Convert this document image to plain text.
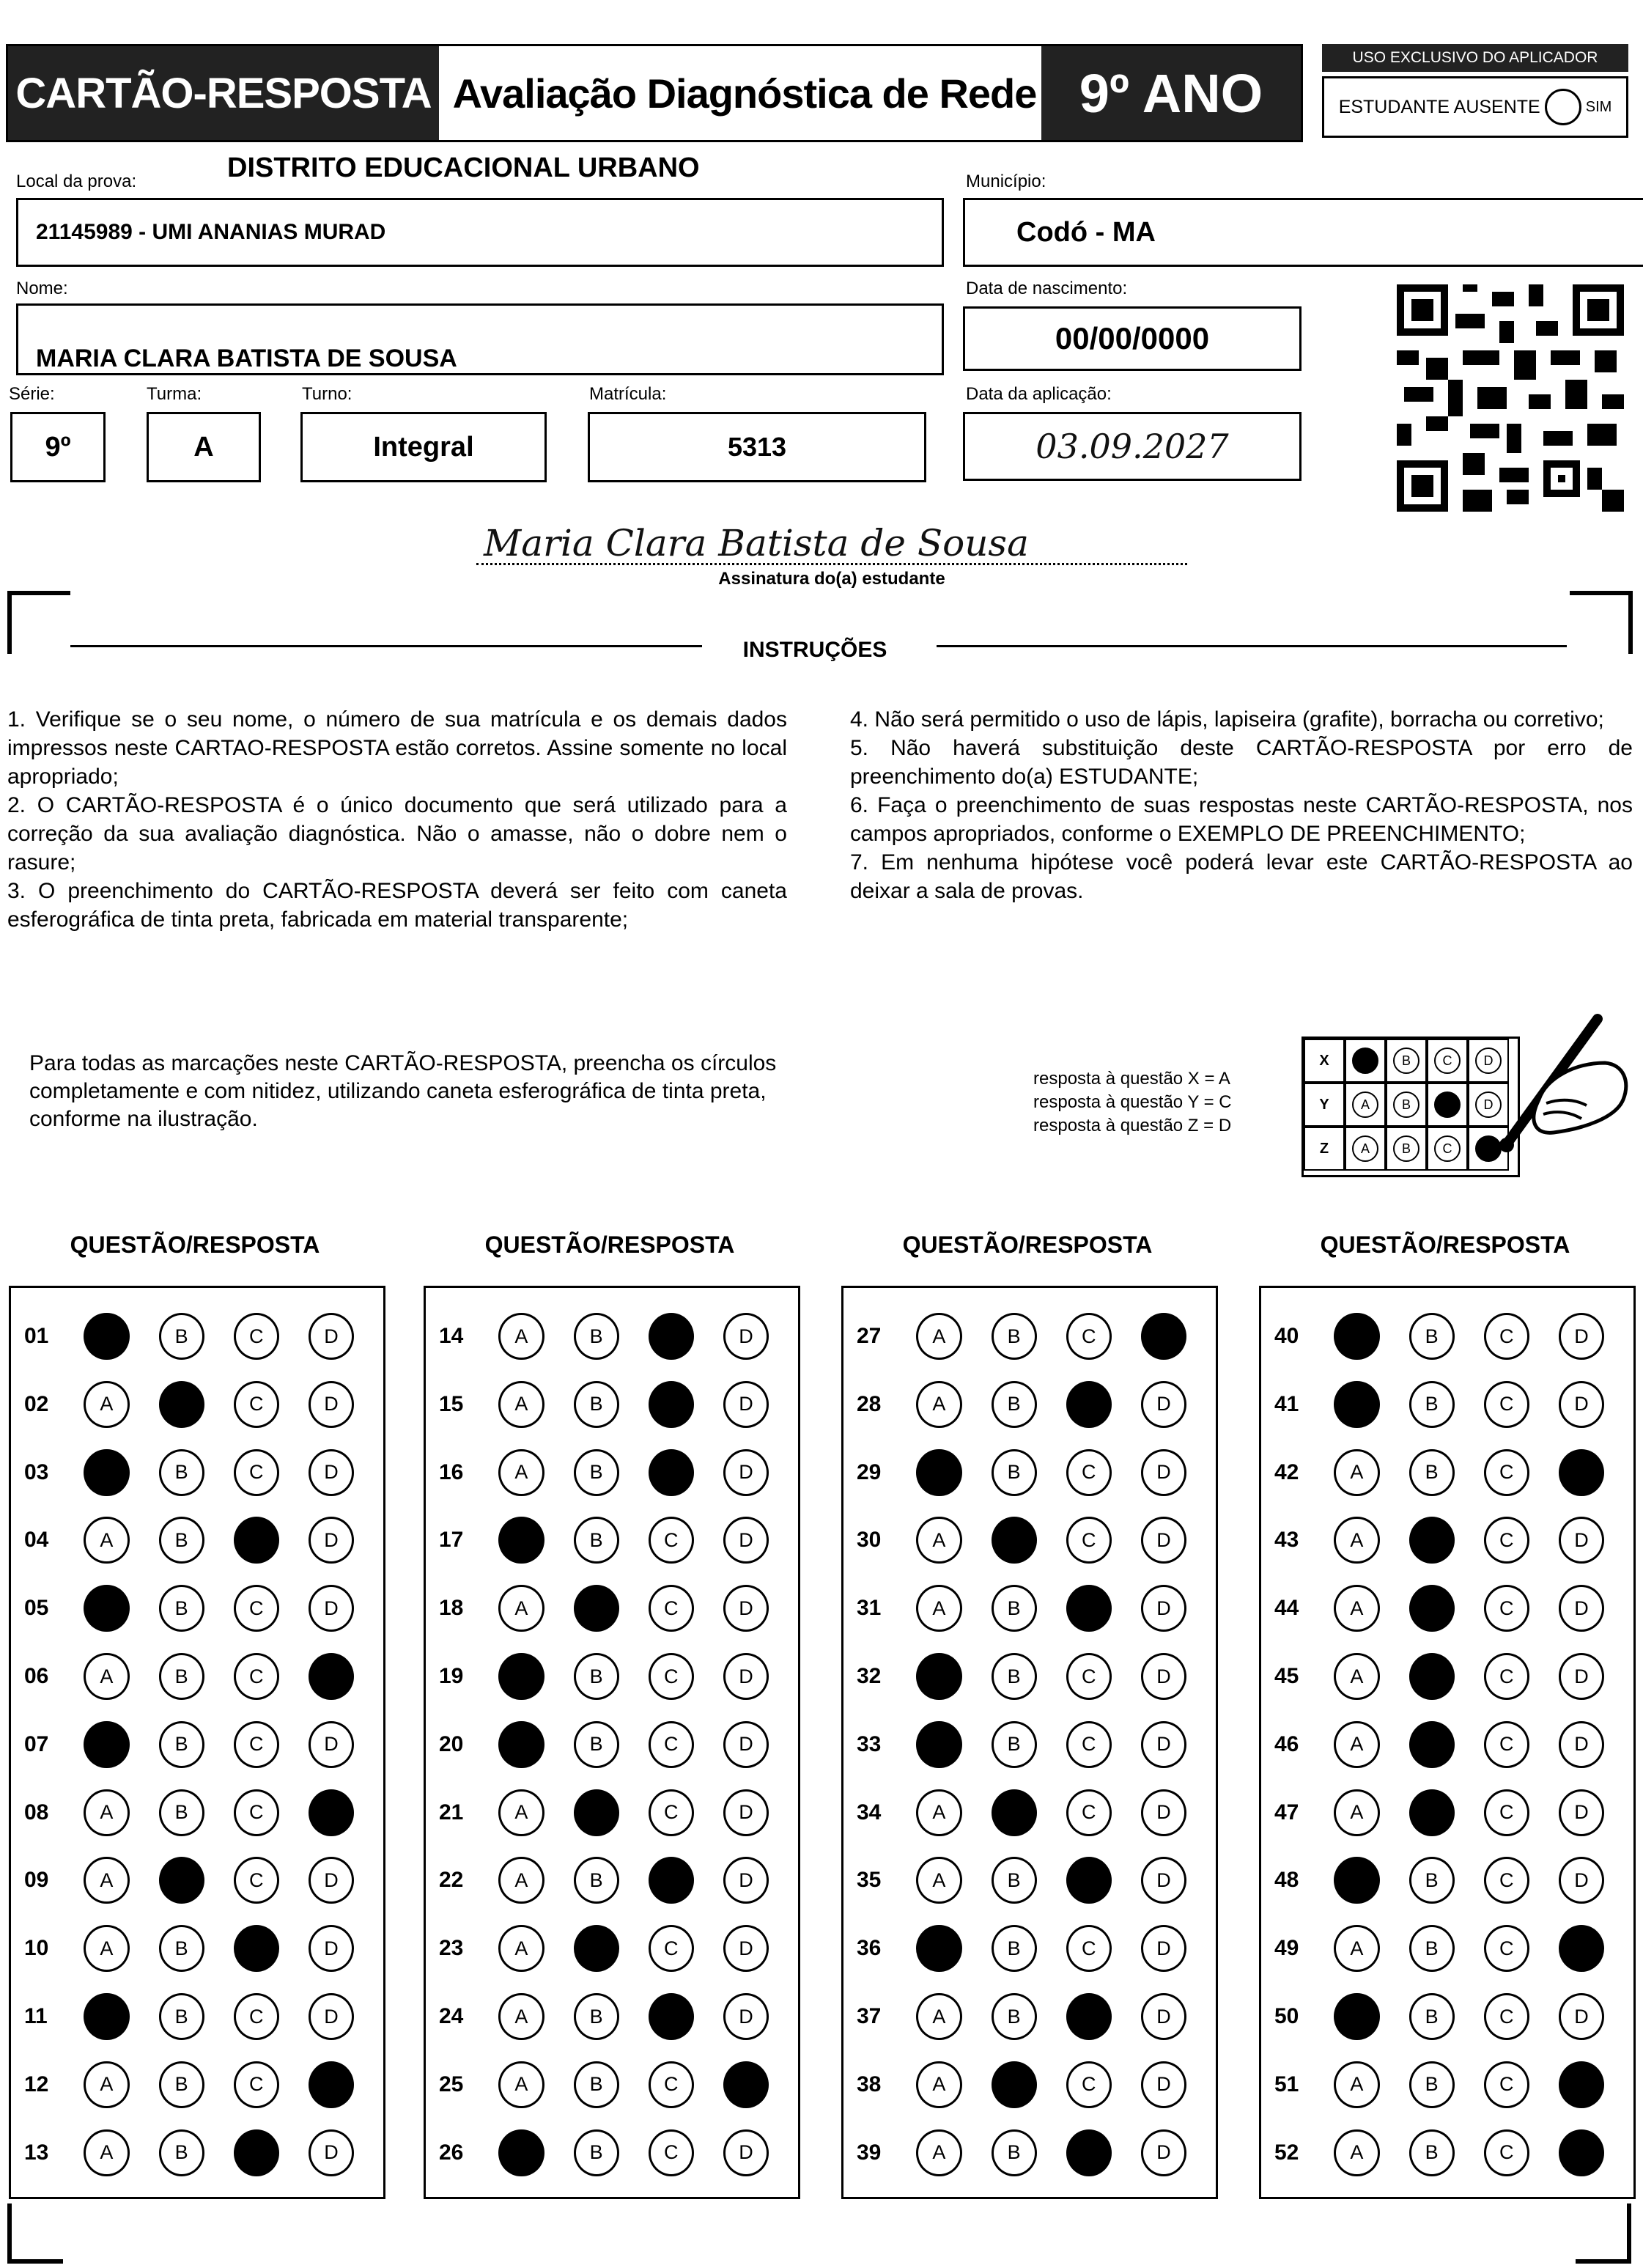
CARTÃO-RESPOSTA Avaliação Diagnóstica de Rede 9º ANO
USO EXCLUSIVO DO APLICADOR
ESTUDANTE AUSENTE	SIM
Local da prova:	DISTRITO EDUCACIONAL URBANO
21145989 - UMI ANANIAS MURAD
Município:
Codó - MA
Nome:
MARIA CLARA BATISTA DE SOUSA
Data de nascimento:
00/00/0000
Série:
9º
Turma:
A
Turno:
Integral
Matrícula:
5313
Data da aplicação:
03.09.2027
Maria Clara Batista de Sousa
Assinatura do(a) estudante
INSTRUÇÕES
1. Verifique se o seu nome, o número de sua matrícula e os demais dados impressos neste CARTAO-RESPOSTA estão corretos. Assine somente no local apropriado;
2. O CARTÃO-RESPOSTA é o único documento que será utilizado para a correção da sua avaliação diagnóstica. Não o amasse, não o dobre nem o rasure;
3. O preenchimento do CARTÃO-RESPOSTA deverá ser feito com caneta esferográfica de tinta preta, fabricada em material transparente;
4. Não será permitido o uso de lápis, lapiseira (grafite), borracha ou corretivo;
5. Não haverá substituição deste CARTÃO-RESPOSTA por erro de preenchimento do(a) ESTUDANTE;
6. Faça o preenchimento de suas respostas neste CARTÃO-RESPOSTA, nos campos apropriados, conforme o EXEMPLO DE PREENCHIMENTO;
7. Em nenhuma hipótese você poderá levar este CARTÃO-RESPOSTA ao deixar a sala de provas.
Para todas as marcações neste CARTÃO-RESPOSTA, preencha os círculos completamente e com nitidez, utilizando caneta esferográfica de tinta preta, conforme na ilustração.
resposta à questão X = A
resposta à questão Y = C
resposta à questão Z = D
X	B	C	D
Y	A	B	D
Z	A	B	C
QUESTÃO/RESPOSTA
01	A	B	C	D
02	A	B	C	D
03	A	B	C	D
04	A	B	C	D
05	A	B	C	D
06	A	B	C	D
07	A	B	C	D
08	A	B	C	D
09	A	B	C	D
10	A	B	C	D
11	A	B	C	D
12	A	B	C	D
13	A	B	C	D
QUESTÃO/RESPOSTA
14	A	B	C	D
15	A	B	C	D
16	A	B	C	D
17	A	B	C	D
18	A	B	C	D
19	A	B	C	D
20	A	B	C	D
21	A	B	C	D
22	A	B	C	D
23	A	B	C	D
24	A	B	C	D
25	A	B	C	D
26	A	B	C	D
QUESTÃO/RESPOSTA
27	A	B	C	D
28	A	B	C	D
29	A	B	C	D
30	A	B	C	D
31	A	B	C	D
32	A	B	C	D
33	A	B	C	D
34	A	B	C	D
35	A	B	C	D
36	A	B	C	D
37	A	B	C	D
38	A	B	C	D
39	A	B	C	D
QUESTÃO/RESPOSTA
40	A	B	C	D
41	A	B	C	D
42	A	B	C	D
43	A	B	C	D
44	A	B	C	D
45	A	B	C	D
46	A	B	C	D
47	A	B	C	D
48	A	B	C	D
49	A	B	C	D
50	A	B	C	D
51	A	B	C	D
52	A	B	C	D
